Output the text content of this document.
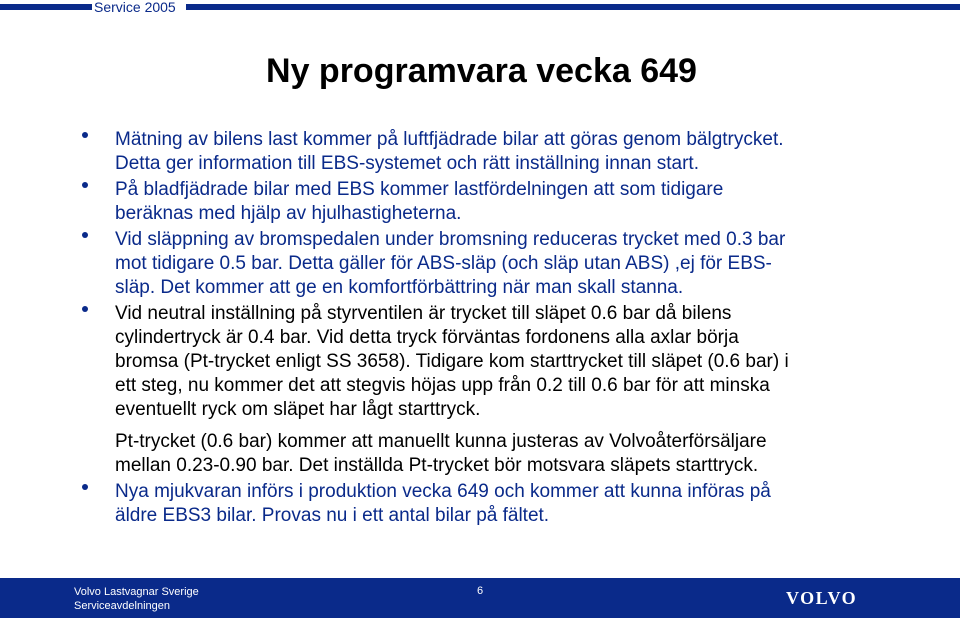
Service 2005
Ny programvara vecka 649
Mätning av bilens last kommer på luftfjädrade bilar att göras genom bälgtrycket.
Detta ger information till EBS-systemet och rätt inställning innan start.
På bladfjädrade bilar med EBS kommer lastfördelningen att som tidigare
beräknas med hjälp av hjulhastigheterna.
Vid släppning av bromspedalen under bromsning reduceras trycket med 0.3 bar
mot tidigare 0.5 bar. Detta gäller för ABS-släp (och släp utan ABS) ,ej för EBS-
släp. Det kommer att ge en komfortförbättring när man skall stanna.
Vid neutral inställning på styrventilen är trycket till släpet 0.6 bar då bilens
cylindertryck är 0.4 bar. Vid detta tryck förväntas fordonens alla axlar börja
bromsa (Pt-trycket enligt SS 3658). Tidigare kom starttrycket till släpet (0.6 bar) i
ett steg, nu kommer det att stegvis höjas upp från 0.2 till 0.6 bar för att minska
eventuellt ryck om släpet har lågt starttryck.
Pt-trycket (0.6 bar) kommer att manuellt kunna justeras av Volvoåterförsäljare
mellan 0.23-0.90 bar. Det inställda Pt-trycket bör motsvara släpets starttryck.
Nya mjukvaran införs i produktion vecka 649 och kommer att kunna införas på
äldre EBS3 bilar. Provas nu i ett antal bilar på fältet.
Volvo Lastvagnar Sverige
Serviceavdelningen
6	VOLVO
